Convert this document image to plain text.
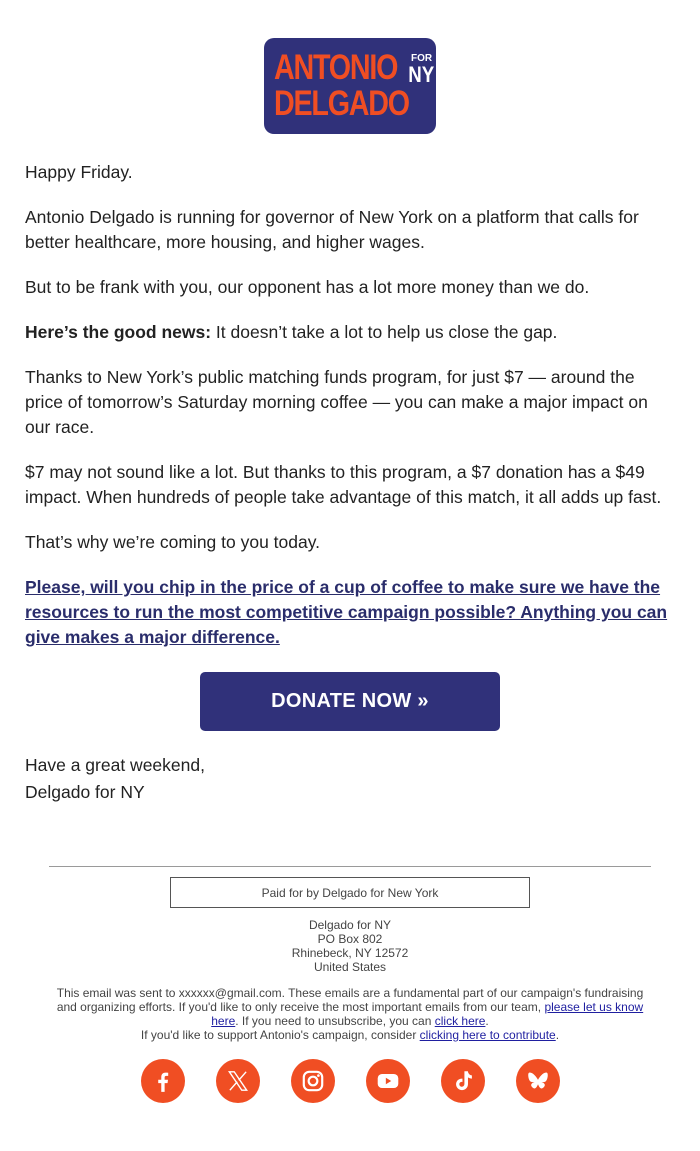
ANTONIO FOR
NY
DELGADO

Happy Friday.

Antonio Delgado is running for governor of New York on a platform that calls for better healthcare, more housing, and higher wages.

But to be frank with you, our opponent has a lot more money than we do.

Here’s the good news: It doesn’t take a lot to help us close the gap.

Thanks to New York’s public matching funds program, for just $7 — around the price of tomorrow’s Saturday morning coffee — you can make a major impact on our race.

$7 may not sound like a lot. But thanks to this program, a $7 donation has a $49 impact. When hundreds of people take advantage of this match, it all adds up fast.

That’s why we’re coming to you today.

Please, will you chip in the price of a cup of coffee to make sure we have the resources to run the most competitive campaign possible? Anything you can give makes a major difference.

DONATE NOW »
Have a great weekend,
Delgado for NY
Paid for by Delgado for New York
Delgado for NY
PO Box 802
Rhinebeck, NY 12572
United States
This email was sent to xxxxxx@gmail.com. These emails are a fundamental part of our campaign's fundraising and organizing efforts. If you'd like to only receive the most important emails from our team, please let us know here. If you need to unsubscribe, you can click here.
If you'd like to support Antonio's campaign, consider clicking here to contribute.
